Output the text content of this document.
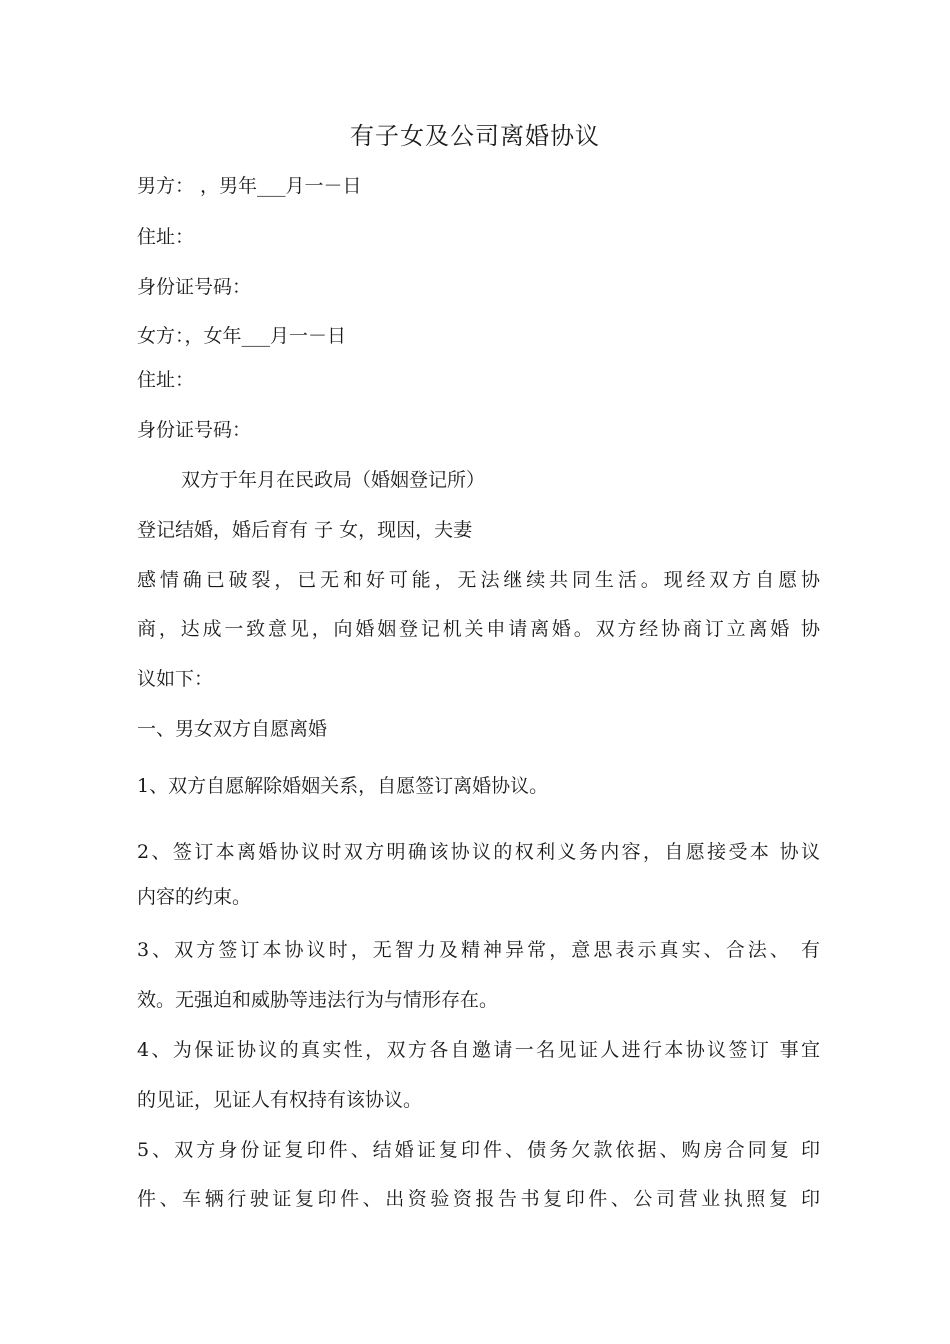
有子女及公司离婚协议
男方： ，男年___月一－日
住址：
身份证号码：
女方：，女年___月一－日
住址：
身份证号码：
双方于年月在民政局（婚姻登记所）
登记结婚，婚后育有 子 女，现因，夫妻
感情确已破裂，已无和好可能，无法继续共同生活。现经双方自愿协
商，达成一致意见，向婚姻登记机关申请离婚。双方经协商订立离婚 协
议如下：
一、男女双方自愿离婚
1、双方自愿解除婚姻关系，自愿签订离婚协议。
2、签订本离婚协议时双方明确该协议的权利义务内容，自愿接受本 协议
内容的约束。
3、双方签订本协议时，无智力及精神异常，意思表示真实、合法、 有
效。无强迫和威胁等违法行为与情形存在。
4、为保证协议的真实性，双方各自邀请一名见证人进行本协议签订 事宜
的见证，见证人有权持有该协议。
5、双方身份证复印件、结婚证复印件、债务欠款依据、购房合同复 印
件、车辆行驶证复印件、出资验资报告书复印件、公司营业执照复 印
